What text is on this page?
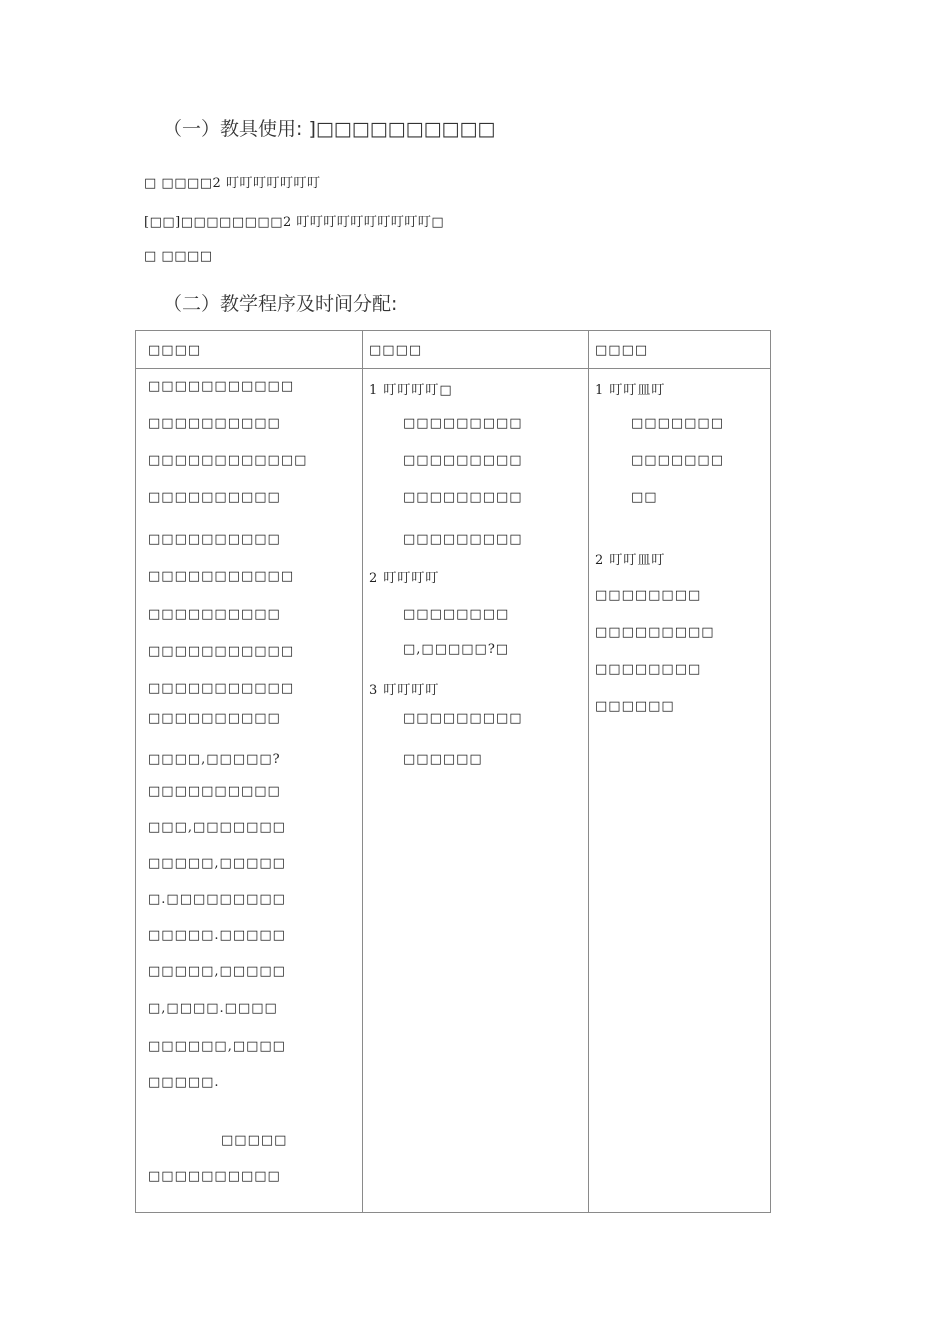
（一）教具使用: ]□□□□□□□□□□
□ □□□□2 叮叮叮叮叮叮叮
[□□]□□□□□□□□2 叮叮叮叮叮叮叮叮叮叮□
□ □□□□
（二）教学程序及时间分配:
□□□□	□□□□	□□□□
□□□□□□□□□□□
□□□□□□□□□□
□□□□□□□□□□□□
□□□□□□□□□□
□□□□□□□□□□
□□□□□□□□□□□
□□□□□□□□□□
□□□□□□□□□□□
□□□□□□□□□□□
□□□□□□□□□□
□□□□,□□□□□?
□□□□□□□□□□
□□□,□□□□□□□
□□□□□,□□□□□
□.□□□□□□□□□
□□□□□.□□□□□
□□□□□,□□□□□
□,□□□□.□□□□
□□□□□□,□□□□
□□□□□.
□□□□□
□□□□□□□□□□
1 叮叮叮叮□
□□□□□□□□□
□□□□□□□□□
□□□□□□□□□
□□□□□□□□□
2 叮叮叮叮
□□□□□□□□
□,□□□□□?□
3 叮叮叮叮
□□□□□□□□□
□□□□□□
1 叮叮皿叮
□□□□□□□
□□□□□□□
□□
2 叮叮皿叮
□□□□□□□□
□□□□□□□□□
□□□□□□□□
□□□□□□
